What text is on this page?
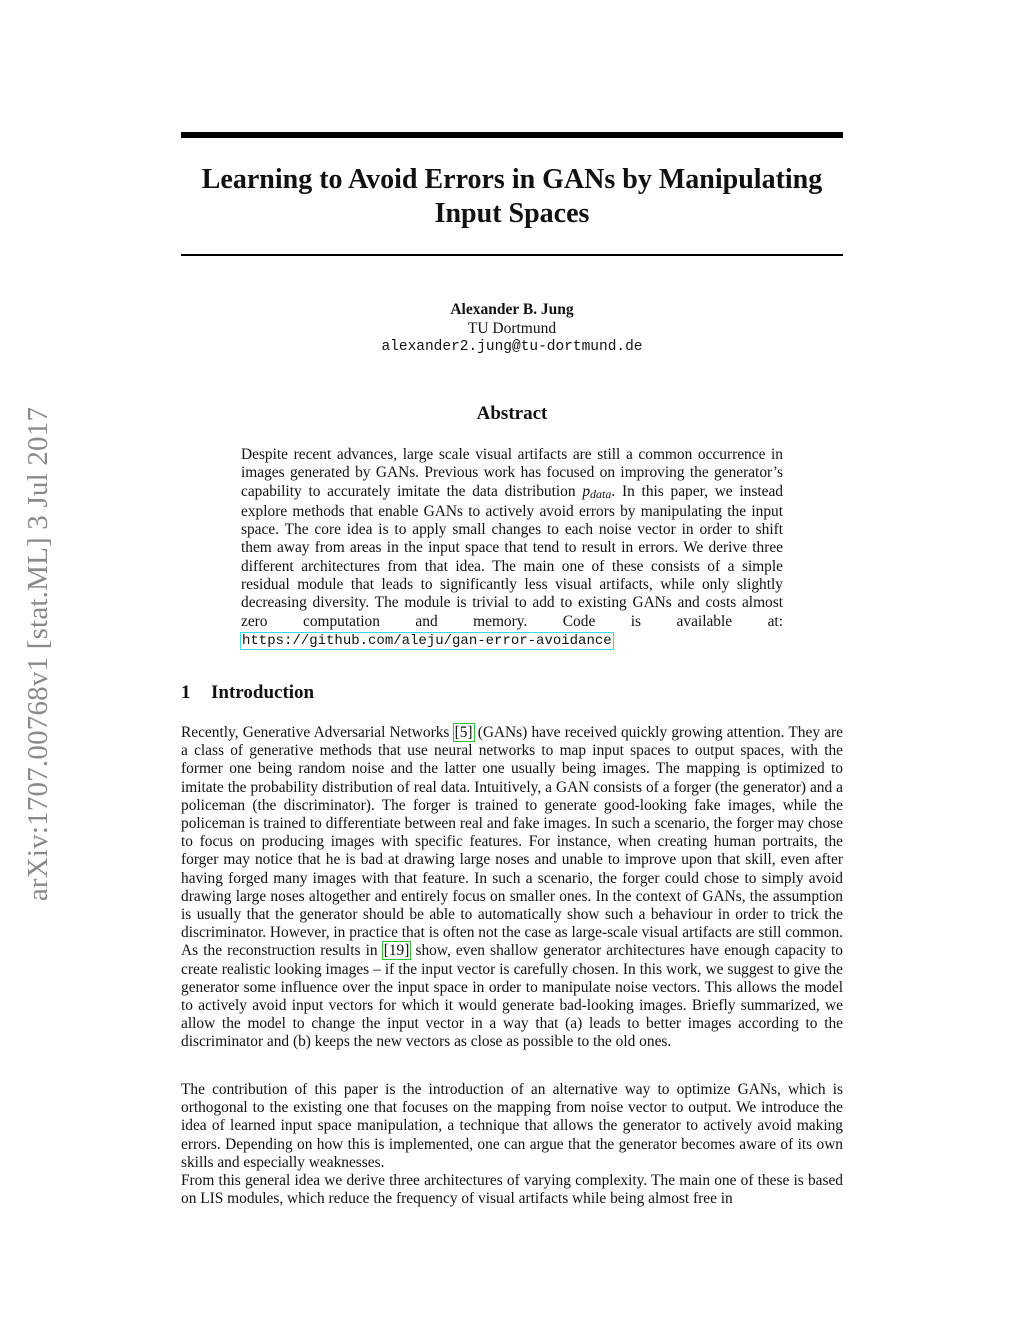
arXiv:1707.00768v1 [stat.ML] 3 Jul 2017
Learning to Avoid Errors in GANs by Manipulating Input Spaces
Alexander B. Jung
TU Dortmund
alexander2.jung@tu-dortmund.de
Abstract

Despite recent advances, large scale visual artifacts are still a common occurrence in images generated by GANs. Previous work has focused on improving the generator’s capability to accurately imitate the data distribution pdata. In this paper, we instead explore methods that enable GANs to actively avoid errors by manipulating the input space. The core idea is to apply small changes to each noise vector in order to shift them away from areas in the input space that tend to result in errors. We derive three different architectures from that idea. The main one of these consists of a simple residual module that leads to significantly less visual artifacts, while only slightly decreasing diversity. The module is trivial to add to existing GANs and costs almost zero computation and memory. Code is available at: https://github.com/aleju/gan-error-avoidance

1 Introduction

Recently, Generative Adversarial Networks [5] (GANs) have received quickly growing attention. They are a class of generative methods that use neural networks to map input spaces to output spaces, with the former one being random noise and the latter one usually being images. The mapping is optimized to imitate the probability distribution of real data. Intuitively, a GAN consists of a forger (the generator) and a policeman (the discriminator). The forger is trained to generate good-looking fake images, while the policeman is trained to differentiate between real and fake images. In such a scenario, the forger may chose to focus on producing images with specific features. For instance, when creating human portraits, the forger may notice that he is bad at drawing large noses and unable to improve upon that skill, even after having forged many images with that feature. In such a scenario, the forger could chose to simply avoid drawing large noses altogether and entirely focus on smaller ones. In the context of GANs, the assumption is usually that the generator should be able to automatically show such a behaviour in order to trick the discriminator. However, in practice that is often not the case as large-scale visual artifacts are still common. As the reconstruction results in [19] show, even shallow generator architectures have enough capacity to create realistic looking images – if the input vector is carefully chosen. In this work, we suggest to give the generator some influence over the input space in order to manipulate noise vectors. This allows the model to actively avoid input vectors for which it would generate bad-looking images. Briefly summarized, we allow the model to change the input vector in a way that (a) leads to better images according to the discriminator and (b) keeps the new vectors as close as possible to the old ones.

The contribution of this paper is the introduction of an alternative way to optimize GANs, which is orthogonal to the existing one that focuses on the mapping from noise vector to output. We introduce the idea of learned input space manipulation, a technique that allows the generator to actively avoid making errors. Depending on how this is implemented, one can argue that the generator becomes aware of its own skills and especially weaknesses.

From this general idea we derive three architectures of varying complexity. The main one of these is based on LIS modules, which reduce the frequency of visual artifacts while being almost free in
